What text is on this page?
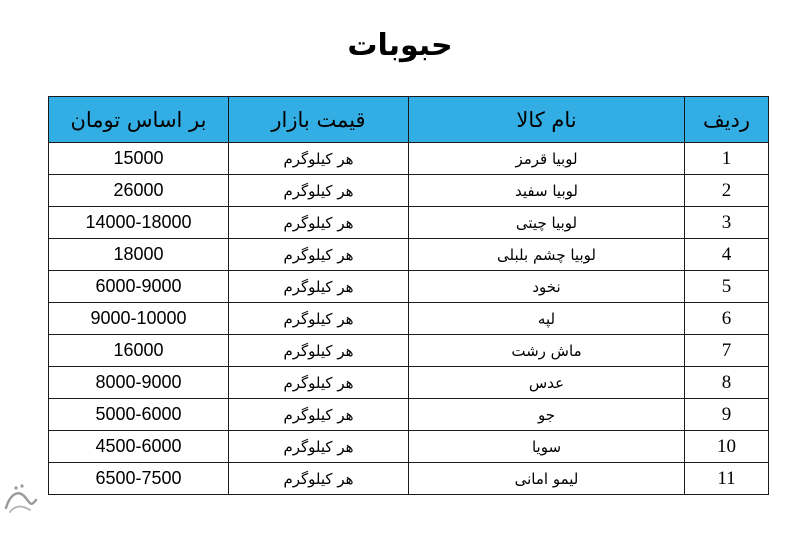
حبوبات
ردیف	نام کالا	قیمت بازار	بر اساس تومان
1	لوبیا قرمز	هر کیلوگرم	15000
2	لوبیا سفید	هر کیلوگرم	26000
3	لوبیا چیتی	هر کیلوگرم	14000-18000
4	لوبیا چشم بلبلی	هر کیلوگرم	18000
5	نخود	هر کیلوگرم	6000-9000
6	لپه	هر کیلوگرم	9000-10000
7	ماش رشت	هر کیلوگرم	16000
8	عدس	هر کیلوگرم	8000-9000
9	جو	هر کیلوگرم	5000-6000
10	سویا	هر کیلوگرم	4500-6000
11	لیمو امانی	هر کیلوگرم	6500-7500
